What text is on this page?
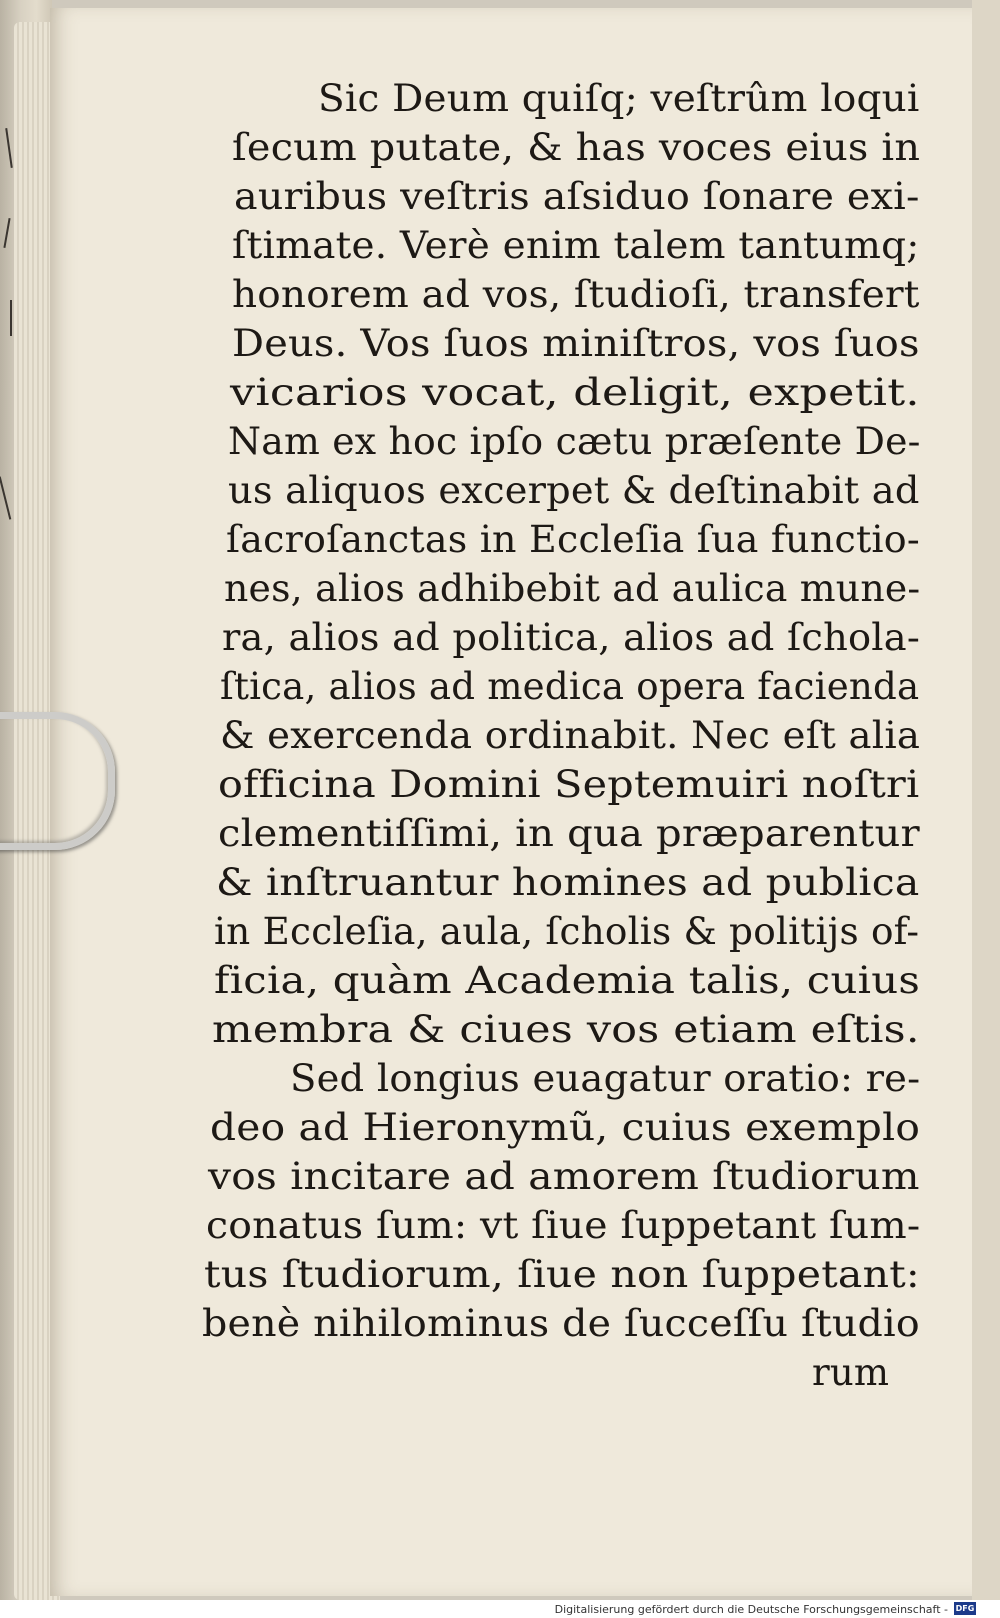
Sic Deum quiſq; veſtrûm loqui
ſecum putate, & has voces eius in
auribus veſtris aſsiduo ſonare exi-
ſtimate. Verè enim talem tantumq;
honorem ad vos, ſtudioſi, transfert
Deus. Vos ſuos miniſtros, vos ſuos
vicarios vocat, deligit, expetit.
Nam ex hoc ipſo cætu præſente De-
us aliquos excerpet & deſtinabit ad
ſacroſanctas in Eccleſia ſua functio-
nes, alios adhibebit ad aulica mune-
ra, alios ad politica, alios ad ſchola-
ſtica, alios ad medica opera facienda
& exercenda ordinabit. Nec eſt alia
officina Domini Septemuiri noſtri
clementiſſimi, in qua præparentur
& inſtruantur homines ad publica
in Eccleſia, aula, ſcholis & politijs of-
ficia, quàm Academia talis, cuius
membra & ciues vos etiam eſtis.
Sed longius euagatur oratio: re-
deo ad Hieronymũ, cuius exemplo
vos incitare ad amorem ſtudiorum
conatus ſum: vt ſiue ſuppetant ſum-
tus ſtudiorum, ſiue non ſuppetant:
benè nihilominus de ſucceſſu ſtudio
rum
Digitalisierung gefördert durch die Deutsche Forschungsgemeinschaft - DFG
